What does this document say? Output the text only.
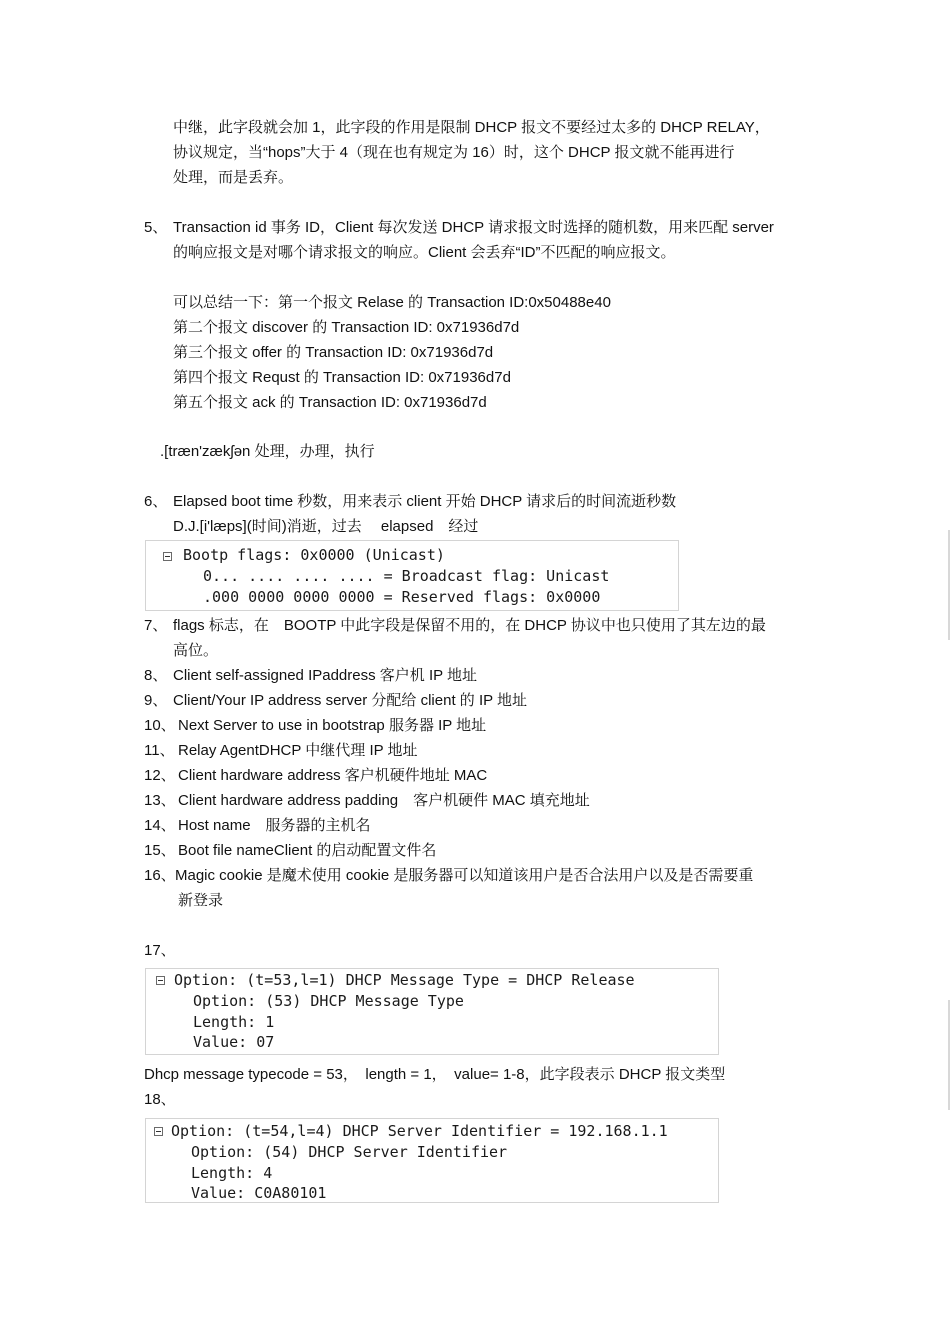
中继，此字段就会加 1，此字段的作用是限制 DHCP 报文不要经过太多的 DHCP RELAY，
协议规定，当“hops”大于 4（现在也有规定为 16）时，这个 DHCP 报文就不能再进行
处理，而是丢弃。
5、 Transaction id 事务 ID，Client 每次发送 DHCP 请求报文时选择的随机数，用来匹配 server
的响应报文是对哪个请求报文的响应。Client 会丢弃“ID”不匹配的响应报文。
可以总结一下：第一个报文 Relase 的 Transaction ID:0x50488e40
第二个报文 discover 的 Transaction ID: 0x71936d7d
第三个报文 offer 的 Transaction ID: 0x71936d7d
第四个报文 Requst 的 Transaction ID: 0x71936d7d
第五个报文 ack 的 Transaction ID: 0x71936d7d
.[træn'zækʃən 处理，办理，执行
6、 Elapsed boot time 秒数，用来表示 client 开始 DHCP 请求后的时间流逝秒数
D.J.[i'læps](时间)消逝，过去　 elapsed　经过
Bootp flags: 0x0000 (Unicast)
0... .... .... .... = Broadcast flag: Unicast
.000 0000 0000 0000 = Reserved flags: 0x0000
7、 flags 标志，在　BOOTP 中此字段是保留不用的，在 DHCP 协议中也只使用了其左边的最
高位。
8、 Client self-assigned IPaddress 客户机 IP 地址
9、 Client/Your IP address server 分配给 client 的 IP 地址
10、 Next Server to use in bootstrap 服务器 IP 地址
11、 Relay AgentDHCP 中继代理 IP 地址
12、 Client hardware address 客户机硬件地址 MAC
13、 Client hardware address padding　客户机硬件 MAC 填充地址
14、 Host name　服务器的主机名
15、 Boot file nameClient 的启动配置文件名
16、 Magic cookie 是魔术使用 cookie 是服务器可以知道该用户是否合法用户以及是否需要重
新登录
17、
Option: (t=53,l=1) DHCP Message Type = DHCP Release
Option: (53) DHCP Message Type
Length: 1
Value: 07
Dhcp message typecode = 53，　length = 1，　value= 1-8，此字段表示 DHCP 报文类型
18、
Option: (t=54,l=4) DHCP Server Identifier = 192.168.1.1
Option: (54) DHCP Server Identifier
Length: 4
Value: C0A80101
